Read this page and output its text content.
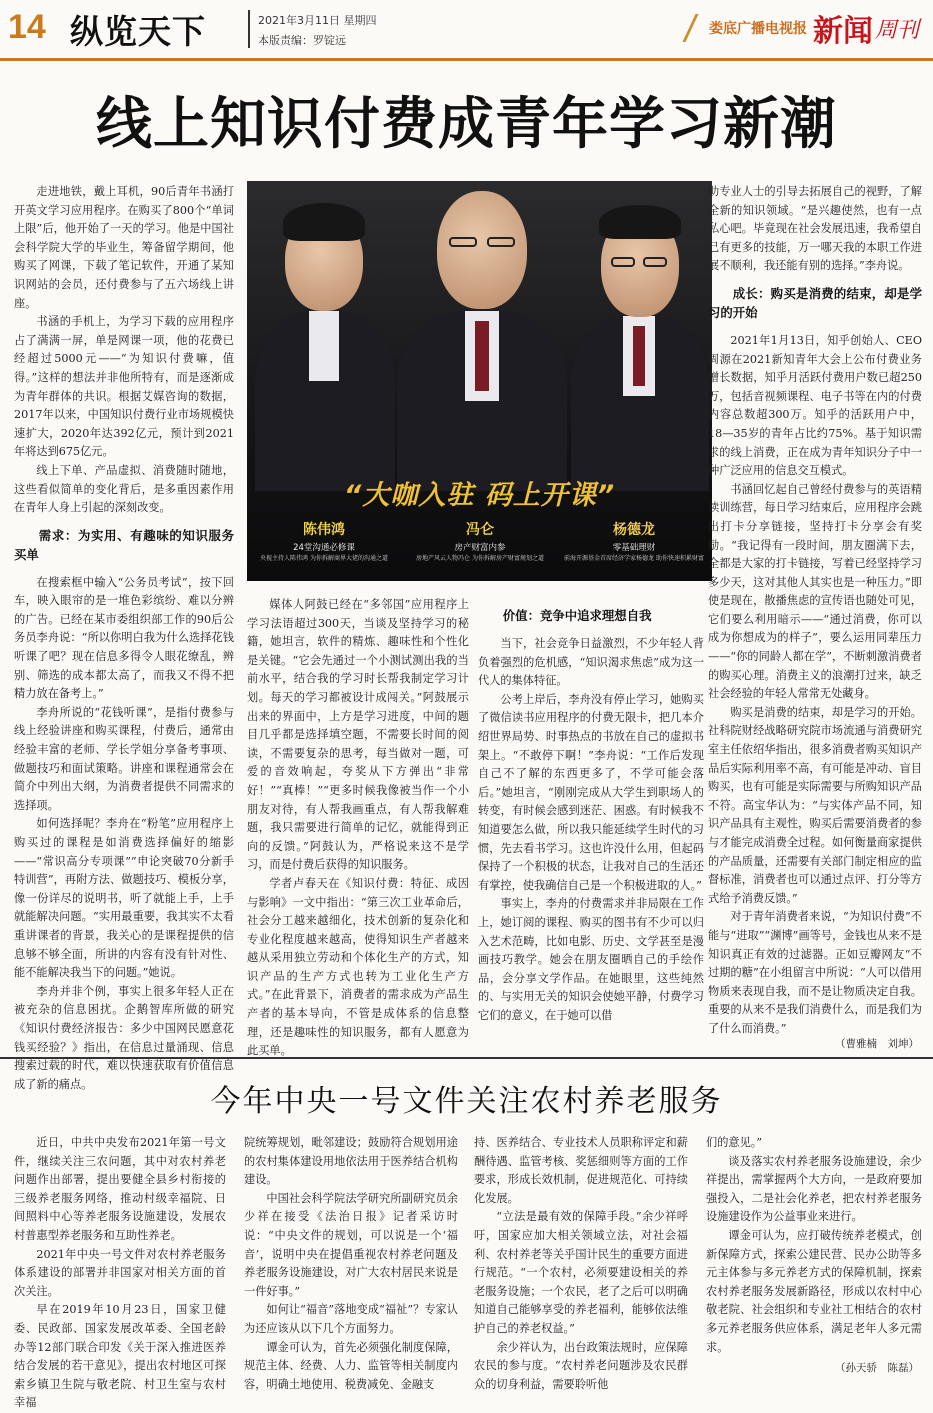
14 纵览天下	2021年3月11日 星期四
本版责编：罗锭远
娄底广播电视报 新闻 周刊
线上知识付费成青年学习新潮

走进地铁，戴上耳机，90后青年书涵打开英文学习应用程序。在购买了800个“单词上限”后，他开始了一天的学习。他是中国社会科学院大学的毕业生，筹备留学期间，他购买了网课，下载了笔记软件，开通了某知识网站的会员，还付费参与了五六场线上讲座。

书涵的手机上，为学习下载的应用程序占了满满一屏，单是网课一项，他的花费已经超过5000元——“为知识付费嘛，值得。”这样的想法并非他所特有，而是逐渐成为青年群体的共识。根据艾媒咨询的数据，2017年以来，中国知识付费行业市场规模快速扩大，2020年达392亿元，预计到2021年将达到675亿元。

线上下单、产品虚拟、消费随时随地，这些看似简单的变化背后，是多重因素作用在青年人身上引起的深刻改变。

需求：为实用、有趣味的知识服务买单

在搜索框中输入“公务员考试”，按下回车，映入眼帘的是一堆色彩缤纷、难以分辨的广告。已经在某市委组织部工作的90后公务员李舟说：“所以你明白我为什么选择花钱听课了吧？现在信息多得令人眼花缭乱，辨别、筛选的成本都太高了，而我又不得不把精力放在备考上。”

李舟所说的“花钱听课”，是指付费参与线上经验讲座和购买课程，付费后，通常由经验丰富的老师、学长学姐分享备考事项、做题技巧和面试策略。讲座和课程通常会在简介中列出大纲，为消费者提供不同需求的选择项。

如何选择呢？李舟在“粉笔”应用程序上购买过的课程是如消费选择偏好的缩影——“常识高分专项课”“申论突破70分新手特训营”，再附方法、做题技巧、模板分享，像一份详尽的说明书，听了就能上手，上手就能解决问题。“实用最重要，我其实不太看重讲课者的背景，我关心的是课程提供的信息够不够全面，所讲的内容有没有针对性、能不能解决我当下的问题。”她说。

李舟并非个例，事实上很多年轻人正在被充杂的信息困扰。企鹅智库所做的研究《知识付费经济报告：多少中国网民愿意花钱买经验？》指出，在信息过量涌现、信息搜索过载的时代，难以快速获取有价值信息成了新的痛点。

“大咖入驻 码上开课”
陈伟鸿
24堂沟通必修课
央视主持人陈伟鸿 为你拆解商界大佬的沟通之道
冯仑
房产财富内参
房地产风云人物冯仑 为你拆解房产财富规划之道
杨德龙
零基础理财
前海开源基金首席经济学家杨德龙 助你快速积累财富

媒体人阿鼓已经在“多邻国”应用程序上学习法语超过300天，当谈及坚持学习的秘籍，她坦言，软件的精炼、趣味性和个性化是关键。“它会先通过一个小测试测出我的当前水平，结合我的学习时长帮我制定学习计划。每天的学习都被设计成闯关。”阿鼓展示出来的界面中，上方是学习进度，中间的题目几乎都是选择填空题，不需要长时间的阅读，不需要复杂的思考，每当做对一题，可爱的音效响起，夸奖从下方弹出“非常好！”“真棒！”“更多时候我像被当作一个小朋友对待，有人帮我画重点，有人帮我解难题，我只需要进行简单的记忆，就能得到正向的反馈。”阿鼓认为，严格说来这不是学习，而是付费后获得的知识服务。

学者卢春天在《知识付费：特征、成因与影响》一文中指出：“第三次工业革命后，社会分工越来越细化，技术创新的复杂化和专业化程度越来越高，使得知识生产者越来越从采用独立劳动和个体化生产的方式，知识产品的生产方式也转为工业化生产方式。”在此背景下，消费者的需求成为产品生产者的基本导向，不管是成体系的信息整理，还是趣味性的知识服务，都有人愿意为此买单。

价值：竞争中追求理想自我

当下，社会竞争日益激烈，不少年轻人背负着强烈的危机感，“知识渴求焦虑”成为这一代人的集体特征。

公考上岸后，李舟没有停止学习，她购买了微信读书应用程序的付费无限卡，把几本介绍世界局势、时事热点的书放在自己的虚拟书架上。“不敢停下啊！”李舟说：“工作后发现自己不了解的东西更多了，不学可能会落后。”她坦言，“刚刚完成从大学生到职场人的转变，有时候会感到迷茫、困惑。有时候我不知道要怎么做，所以我只能延续学生时代的习惯，先去看书学习。这也许没什么用，但起码保持了一个积极的状态，让我对自己的生活还有掌控，使我确信自己是一个积极进取的人。”

事实上，李舟的付费需求并非局限在工作上，她订阅的课程、购买的图书有不少可以归入艺术范畴，比如电影、历史、文学甚至是漫画技巧教学。她会在朋友圈晒自己的手绘作品，会分享文学作品。在她眼里，这些纯然的、与实用无关的知识会使她平静，付费学习它们的意义，在于她可以借

助专业人士的引导去拓展自己的视野，了解全新的知识领域。“是兴趣使然，也有一点私心吧。毕竟现在社会发展迅速，我希望自己有更多的技能，万一哪天我的本职工作进展不顺利，我还能有别的选择。”李舟说。

成长：购买是消费的结束，却是学习的开始

2021年1月13日，知乎创始人、CEO周源在2021新知青年大会上公布付费业务增长数据，知乎月活跃付费用户数已超250万，包括音视频课程、电子书等在内的付费内容总数超300万。知乎的活跃用户中，18—35岁的青年占比约75%。基于知识需求的线上消费，正在成为青年知识分子中一种广泛应用的信息交互模式。

书涵回忆起自己曾经付费参与的英语精读训练营，每日学习结束后，应用程序会跳出打卡分享链接，坚持打卡分享会有奖励。“我记得有一段时间，朋友圈满下去，全都是大家的打卡链接，写着已经坚持学习多少天，这对其他人其实也是一种压力。”即使是现在，散播焦虑的宣传语也随处可见，它们要么利用暗示——“通过消费，你可以成为你想成为的样子”，要么运用同辈压力——“你的同龄人都在学”，不断刺激消费者的购买心理。消费主义的浪潮打过来，缺乏社会经验的年轻人常常无处藏身。

购买是消费的结束，却是学习的开始。社科院财经战略研究院市场流通与消费研究室主任依绍华指出，很多消费者购买知识产品后实际利用率不高，有可能是冲动、盲目购买，也有可能是实际需要与所购知识产品不符。高宝华认为：“与实体产品不同，知识产品具有主观性，购买后需要消费者的参与才能完成消费全过程。如何衡量商家提供的产品质量，还需要有关部门制定相应的监督标准，消费者也可以通过点评、打分等方式给予消费反馈。”

对于青年消费者来说，“为知识付费”不能与“进取”“渊博”画等号，金钱也从来不是知识真正有效的过滤器。正如豆瓣网友“不过期的糖”在小组留言中所说：“人可以借用物质来表现自我，而不是让物质决定自我。重要的从来不是我们消费什么，而是我们为了什么而消费。”

（曹雅楠　刘坤）
今年中央一号文件关注农村养老服务

近日，中共中央发布2021年第一号文件，继续关注三农问题，其中对农村养老问题作出部署，提出要健全县乡村衔接的三级养老服务网络，推动村级幸福院、日间照料中心等养老服务设施建设，发展农村普惠型养老服务和互助性养老。

2021年中央一号文件对农村养老服务体系建设的部署并非国家对相关方面的首次关注。

早在2019年10月23日，国家卫健委、民政部、国家发展改革委、全国老龄办等12部门联合印发《关于深入推进医养结合发展的若干意见》，提出农村地区可探索乡镇卫生院与敬老院、村卫生室与农村幸福

院统筹规划，毗邻建设；鼓励符合规划用途的农村集体建设用地依法用于医养结合机构建设。

中国社会科学院法学研究所副研究员余少祥在接受《法治日报》记者采访时说：“中央文件的规划，可以说是一个‘福音’，说明中央在提倡重视农村养老问题及养老服务设施建设，对广大农村居民来说是一件好事。”

如何让“福音”落地变成“福祉”？专家认为还应该从以下几个方面努力。

谭金可认为，首先必须强化制度保障，规范主体、经费、人力、监管等相关制度内容，明确土地使用、税费减免、金融支

持、医养结合、专业技术人员职称评定和薪酬待遇、监管考核、奖惩细则等方面的工作要求，形成长效机制，促进规范化、可持续化发展。

“立法是最有效的保障手段。”余少祥呼吁，国家应加大相关领域立法，对社会福利、农村养老等关乎国计民生的重要方面进行规范。“一个农村，必须要建设相关的养老服务设施；一个农民，老了之后可以明确知道自己能够享受的养老福利，能够依法维护自己的养老权益。”

余少祥认为，出台政策法规时，应保障农民的参与度。“农村养老问题涉及农民群众的切身利益，需要聆听他

们的意见。”

谈及落实农村养老服务设施建设，余少祥提出，需掌握两个大方向，一是政府要加强投入，二是社会化养老，把农村养老服务设施建设作为公益事业来进行。

谭金可认为，应打破传统养老模式，创新保障方式，探索公建民营、民办公助等多元主体参与多元养老方式的保障机制，探索农村养老服务发展新路径，形成以农村中心敬老院、社会组织和专业社工相结合的农村多元养老服务供应体系，满足老年人多元需求。

（孙天骄　陈磊）
